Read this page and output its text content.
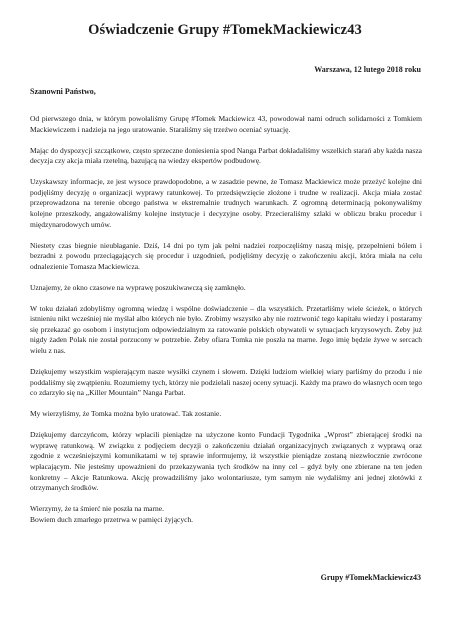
Oświadczenie Grupy #TomekMackiewicz43
Warszawa, 12 lutego 2018 roku
Szanowni Państwo,

Od pierwszego dnia, w którym powołaliśmy Grupę #Tomek Mackiewicz 43, powodował nami odruch solidarności z Tomkiem Mackiewiczem i nadzieja na jego uratowanie. Staraliśmy się trzeźwo oceniać sytuację.

Mając do dyspozycji szczątkowe, często sprzeczne doniesienia spod Nanga Parbat dokładaliśmy wszelkich starań aby każda nasza decyzja czy akcja miała rzetelną, bazującą na wiedzy ekspertów podbudowę.

Uzyskawszy informacje, ze jest wysoce prawdopodobne, a w zasadzie pewne, że Tomasz Mackiewicz może przeżyć kolejne dni podjęliśmy decyzję o organizacji wyprawy ratunkowej. To przedsięwzięcie złożone i trudne w realizacji. Akcja miała zostać przeprowadzona na terenie obcego państwa w ekstremalnie trudnych warunkach. Z ogromną determinacją pokonywaliśmy kolejne przeszkody, angażowaliśmy kolejne instytucje i decyzyjne osoby. Przecieraliśmy szlaki w obliczu braku procedur i międzynarodowych umów.

Niestety czas biegnie nieubłaganie. Dziś, 14 dni po tym jak pełni nadziei rozpoczęliśmy naszą misję, przepełnieni bólem i bezradni z powodu przeciągających się procedur i uzgodnień, podjęliśmy decyzję o zakończeniu akcji, która miała na celu odnalezienie Tomasza Mackiewicza.

Uznajemy, że okno czasowe na wyprawę poszukiwawczą się zamknęło.

W toku działań zdobyliśmy ogromną wiedzę i wspólne doświadczenie – dla wszystkich. Przetarliśmy wiele ścieżek, o których istnieniu nikt wcześniej nie myślał albo których nie było. Zrobimy wszystko aby nie roztrwonić tego kapitału wiedzy i postaramy się przekazać go osobom i instytucjom odpowiedzialnym za ratowanie polskich obywateli w sytuacjach kryzysowych. Żeby już nigdy żaden Polak nie został porzucony w potrzebie. Żeby ofiara Tomka nie poszła na marne. Jego imię będzie żywe w sercach wielu z nas.

Dziękujemy wszystkim wspierającym nasze wysiłki czynem i słowem. Dzięki ludziom wielkiej wiary parliśmy do przodu i nie poddaliśmy się zwątpieniu. Rozumiemy tych, którzy nie podzielali naszej oceny sytuacji. Każdy ma prawo do własnych ocen tego co zdarzyło się na „Killer Mountain” Nanga Parbat.

My wierzyliśmy, że Tomka można było uratować. Tak zostanie.

Dziękujemy darczyńcom, którzy wpłacili pieniądze na użyczone konto Fundacji Tygodnika „Wprost” zbierającej środki na wyprawę ratunkową. W związku z podjęciem decyzji o zakończeniu działań organizacyjnych związanych z wyprawą oraz zgodnie z wcześniejszymi komunikatami w tej sprawie informujemy, iż wszystkie pieniądze zostaną niezwłocznie zwrócone wpłacającym. Nie jesteśmy upoważnieni do przekazywania tych środków na inny cel – gdyż były one zbierane na ten jeden konkretny – Akcje Ratunkowa. Akcję prowadziliśmy jako wolontariusze, tym samym nie wydaliśmy ani jednej złotówki z otrzymanych środków.

Wierzymy, że ta śmierć nie poszła na marne.
Bowiem duch zmarłego przetrwa w pamięci żyjących.

Grupy #TomekMackiewicz43
